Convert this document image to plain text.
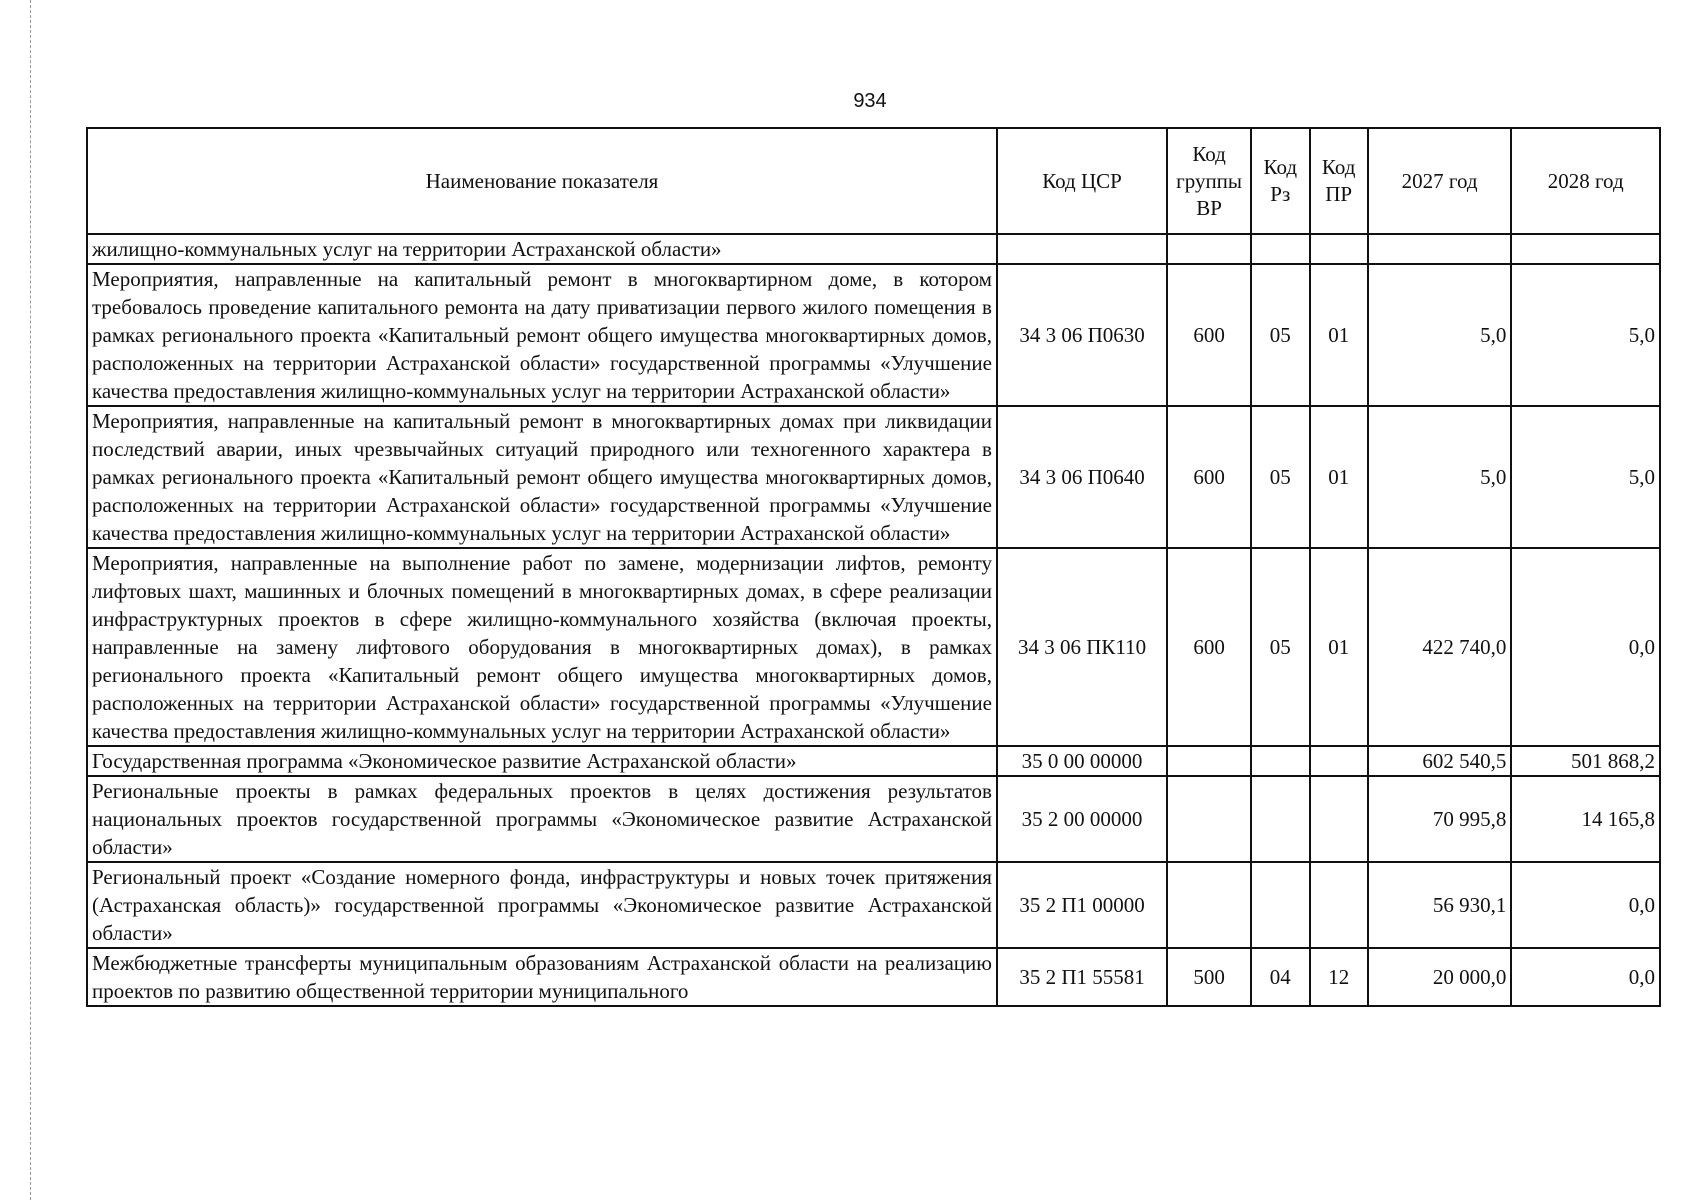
934
Наименование показателя	Код ЦСР	Код группы ВР	Код Рз	Код ПР	2027 год	2028 год
жилищно-коммунальных услуг на территории Астраханской области»						
Мероприятия, направленные на капитальный ремонт в многоквартирном доме, в котором требовалось проведение капитального ремонта на дату приватизации первого жилого помещения в рамках регионального проекта «Капитальный ремонт общего имущества многоквартирных домов, расположенных на территории Астраханской области» государственной программы «Улучшение качества предоставления жилищно-коммунальных услуг на территории Астраханской области»	34 3 06 П0630	600	05	01	5,0	5,0
Мероприятия, направленные на капитальный ремонт в многоквартирных домах при ликвидации последствий аварии, иных чрезвычайных ситуаций природного или техногенного характера в рамках регионального проекта «Капитальный ремонт общего имущества многоквартирных домов, расположенных на территории Астраханской области» государственной программы «Улучшение качества предоставления жилищно-коммунальных услуг на территории Астраханской области»	34 3 06 П0640	600	05	01	5,0	5,0
Мероприятия, направленные на выполнение работ по замене, модернизации лифтов, ремонту лифтовых шахт, машинных и блочных помещений в многоквартирных домах, в сфере реализации инфраструктурных проектов в сфере жилищно-коммунального хозяйства (включая проекты, направленные на замену лифтового оборудования в многоквартирных домах), в рамках регионального проекта «Капитальный ремонт общего имущества многоквартирных домов, расположенных на территории Астраханской области» государственной программы «Улучшение качества предоставления жилищно-коммунальных услуг на территории Астраханской области»	34 3 06 ПК110	600	05	01	422 740,0	0,0
Государственная программа «Экономическое развитие Астраханской области»	35 0 00 00000				602 540,5	501 868,2
Региональные проекты в рамках федеральных проектов в целях достижения результатов национальных проектов государственной программы «Экономическое развитие Астраханской области»	35 2 00 00000				70 995,8	14 165,8
Региональный проект «Создание номерного фонда, инфраструктуры и новых точек притяжения (Астраханская область)» государственной программы «Экономическое развитие Астраханской области»	35 2 П1 00000				56 930,1	0,0
Межбюджетные трансферты муниципальным образованиям Астраханской области на реализацию проектов по развитию общественной территории муниципального	35 2 П1 55581	500	04	12	20 000,0	0,0
